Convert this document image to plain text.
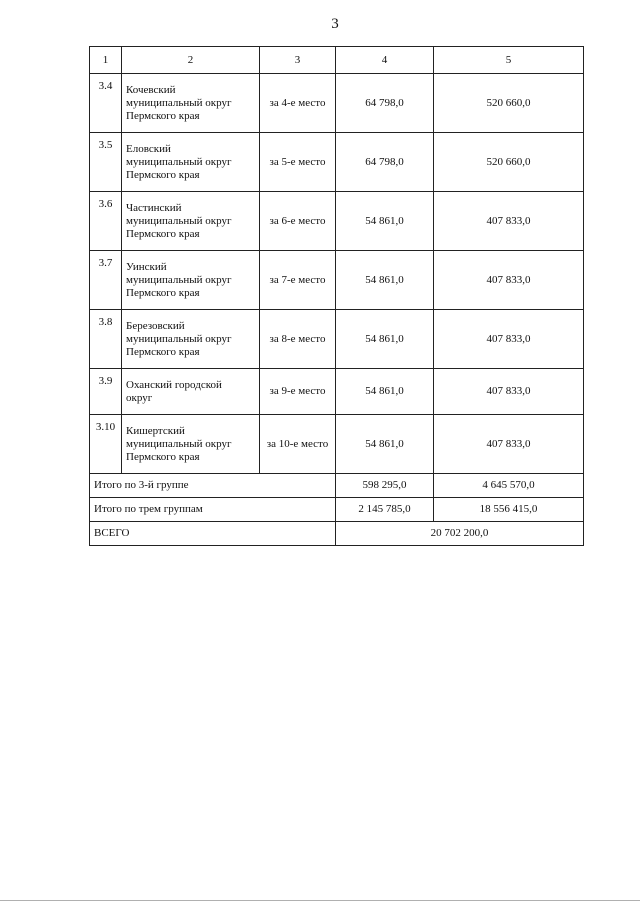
3
1	2	3	4	5
3.4	Кочевский
муниципальный округ
Пермского края	за 4-е место	64 798,0	520 660,0
3.5	Еловский
муниципальный округ
Пермского края	за 5-е место	64 798,0	520 660,0
3.6	Частинский
муниципальный округ
Пермского края	за 6-е место	54 861,0	407 833,0
3.7	Уинский
муниципальный округ
Пермского края	за 7-е место	54 861,0	407 833,0
3.8	Березовский
муниципальный округ
Пермского края	за 8-е место	54 861,0	407 833,0
3.9	Оханский городской
округ	за 9-е место	54 861,0	407 833,0
3.10	Кишертский
муниципальный округ
Пермского края	за 10-е место	54 861,0	407 833,0
Итого по 3-й группе			598 295,0	4 645 570,0
Итого по трем группам			2 145 785,0	18 556 415,0
ВСЕГО			20 702 200,0	
